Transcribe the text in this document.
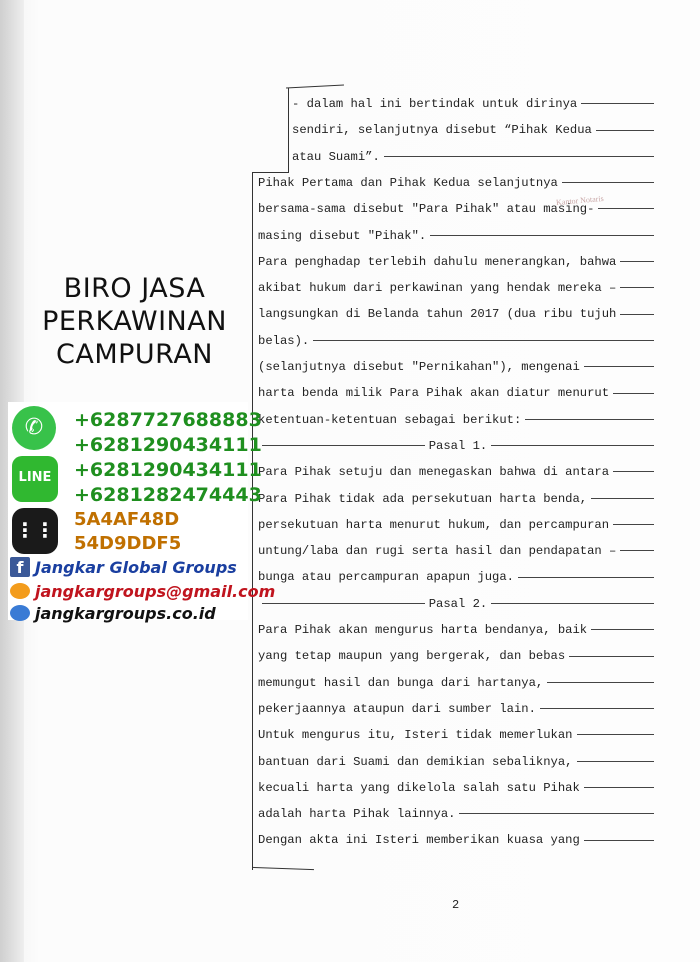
Kantor Notaris
- dalam hal ini bertindak untuk dirinya
sendiri, selanjutnya disebut “Pihak Kedua
atau Suami”.
Pihak Pertama dan Pihak Kedua selanjutnya
bersama-sama disebut "Para Pihak" atau masing-
masing disebut "Pihak".
Para penghadap terlebih dahulu menerangkan, bahwa
akibat hukum dari perkawinan yang hendak mereka –
langsungkan di Belanda tahun 2017 (dua ribu tujuh
belas).
(selanjutnya disebut "Pernikahan"), mengenai
harta benda milik Para Pihak akan diatur menurut
ketentuan-ketentuan sebagai berikut:
Pasal 1.
Para Pihak setuju dan menegaskan bahwa di antara
Para Pihak tidak ada persekutuan harta benda,
persekutuan harta menurut hukum, dan percampuran
untung/laba dan rugi serta hasil dan pendapatan –
bunga atau percampuran apapun juga.
Pasal 2.
Para Pihak akan mengurus harta bendanya, baik
yang tetap maupun yang bergerak, dan bebas
memungut hasil dan bunga dari hartanya,
pekerjaannya ataupun dari sumber lain.
Untuk mengurus itu, Isteri tidak memerlukan
bantuan dari Suami dan demikian sebaliknya,
kecuali harta yang dikelola salah satu Pihak
adalah harta Pihak lainnya.
Dengan akta ini Isteri memberikan kuasa yang
2
BIRO JASA
PERKAWINAN
CAMPURAN
✆
LINE
⋮⋮
+6287727688883
+6281290434111
+6281290434111
+6281282474443
5A4AF48D
54D9DDF5
f Jangkar Global Groups
jangkargroups@gmail.com
jangkargroups.co.id
